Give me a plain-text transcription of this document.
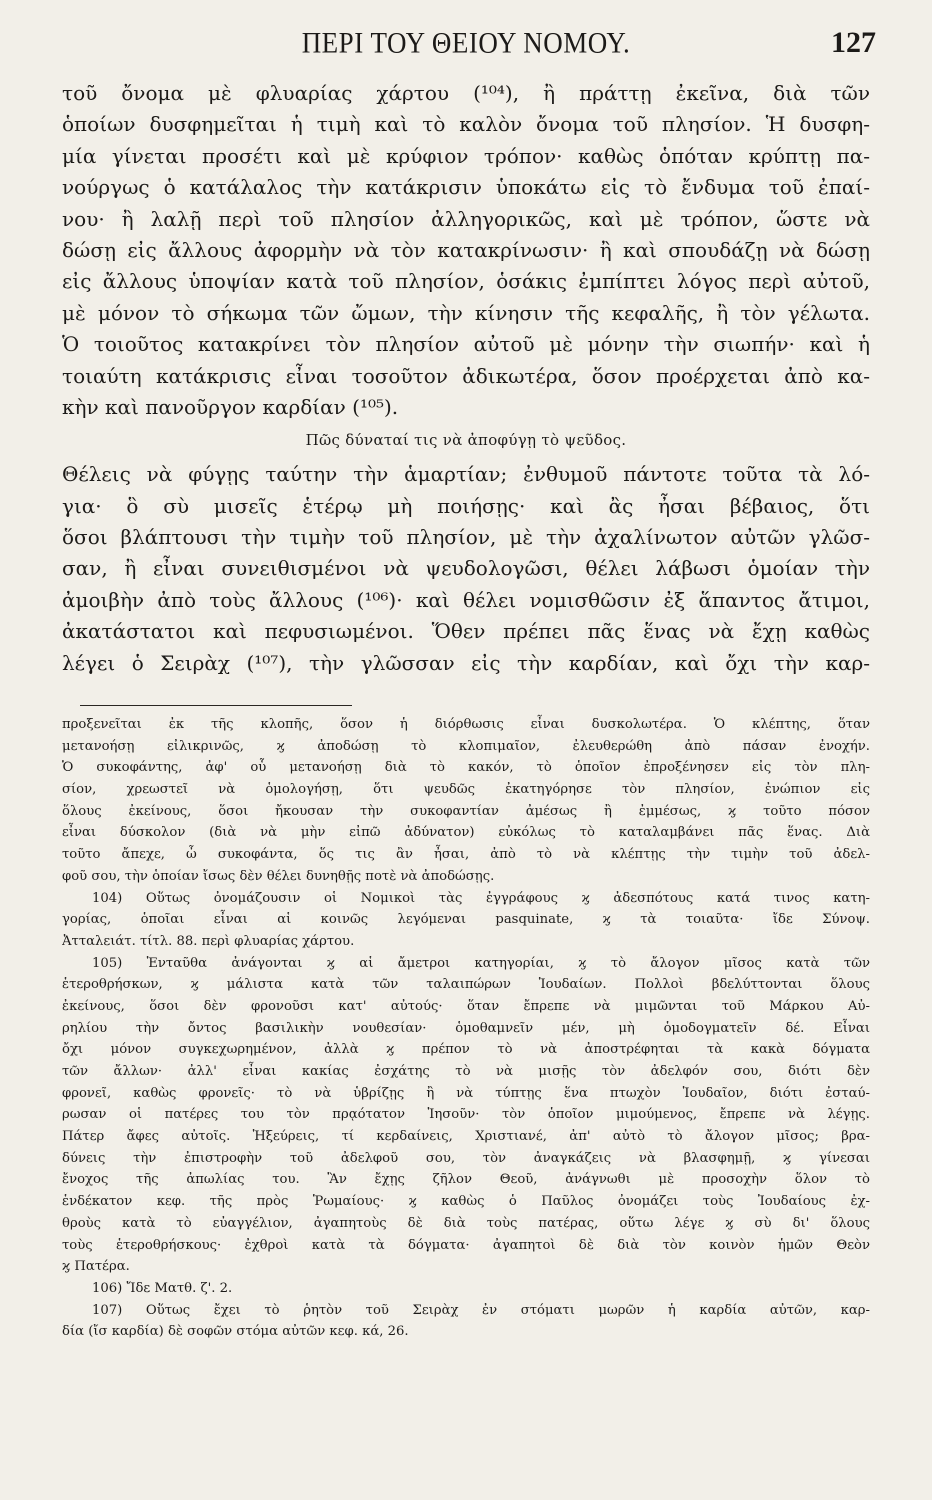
ΠΕΡΙ ΤΟΥ ΘΕΙΟΥ ΝΟΜΟΥ.	127
τοῦ ὄνομα μὲ φλυαρίας χάρτου (¹⁰⁴), ἢ πράττῃ ἐκεῖνα, διὰ τῶν
ὁποίων δυσφημεῖται ἡ τιμὴ καὶ τὸ καλὸν ὄνομα τοῦ πλησίον. Ἡ δυσφη-
μία γίνεται προσέτι καὶ μὲ κρύφιον τρόπον· καθὼς ὁπόταν κρύπτῃ πα-
νούργως ὁ κατάλαλος τὴν κατάκρισιν ὑποκάτω εἰς τὸ ἔνδυμα τοῦ ἐπαί-
νου· ἢ λαλῇ περὶ τοῦ πλησίον ἀλληγορικῶς, καὶ μὲ τρόπον, ὥστε νὰ
δώσῃ εἰς ἄλλους ἀφορμὴν νὰ τὸν κατακρίνωσιν· ἢ καὶ σπουδάζῃ νὰ δώσῃ
εἰς ἄλλους ὑποψίαν κατὰ τοῦ πλησίον, ὁσάκις ἐμπίπτει λόγος περὶ αὐτοῦ,
μὲ μόνον τὸ σήκωμα τῶν ὤμων, τὴν κίνησιν τῆς κεφαλῆς, ἢ τὸν γέλωτα.
Ὁ τοιοῦτος κατακρίνει τὸν πλησίον αὐτοῦ μὲ μόνην τὴν σιωπήν· καὶ ἡ
τοιαύτη κατάκρισις εἶναι τοσοῦτον ἀδικωτέρα, ὅσον προέρχεται ἀπὸ κα-
κὴν καὶ πανοῦργον καρδίαν (¹⁰⁵).
Πῶς δύναταί τις νὰ ἀποφύγῃ τὸ ψεῦδος.
Θέλεις νὰ φύγῃς ταύτην τὴν ἁμαρτίαν; ἐνθυμοῦ πάντοτε τοῦτα τὰ λό-
για· ὃ σὺ μισεῖς ἑτέρῳ μὴ ποιήσῃς· καὶ ἂς ἦσαι βέβαιος, ὅτι
ὅσοι βλάπτουσι τὴν τιμὴν τοῦ πλησίον, μὲ τὴν ἀχαλίνωτον αὐτῶν γλῶσ-
σαν, ἢ εἶναι συνειθισμένοι νὰ ψευδολογῶσι, θέλει λάβωσι ὁμοίαν τὴν
ἀμοιβὴν ἀπὸ τοὺς ἄλλους (¹⁰⁶)· καὶ θέλει νομισθῶσιν ἐξ ἅπαντος ἄτιμοι,
ἀκατάστατοι καὶ πεφυσιωμένοι. Ὅθεν πρέπει πᾶς ἕνας νὰ ἔχῃ καθὼς
λέγει ὁ Σειρὰχ (¹⁰⁷), τὴν γλῶσσαν εἰς τὴν καρδίαν, καὶ ὄχι τὴν καρ-
προξενεῖται ἐκ τῆς κλοπῆς, ὅσον ἡ διόρθωσις εἶναι δυσκολωτέρα. Ὁ κλέπτης, ὅταν
μετανοήσῃ εἰλικρινῶς, ϗ ἀποδώσῃ τὸ κλοπιμαῖον, ἐλευθερώθη ἀπὸ πάσαν ἐνοχήν.
Ὁ συκοφάντης, ἀφ' οὗ μετανοήσῃ διὰ τὸ κακόν, τὸ ὁποῖον ἐπροξένησεν εἰς τὸν πλη-
σίον, χρεωστεῖ νὰ ὁμολογήσῃ, ὅτι ψευδῶς ἐκατηγόρησε τὸν πλησίον, ἐνώπιον εἰς
ὅλους ἐκείνους, ὅσοι ἤκουσαν τὴν συκοφαντίαν ἀμέσως ἢ ἐμμέσως, ϗ τοῦτο πόσον
εἶναι δύσκολον (διὰ νὰ μὴν εἰπῶ ἀδύνατον) εὐκόλως τὸ καταλαμβάνει πᾶς ἕνας. Διὰ
τοῦτο ἄπεχε, ὦ συκοφάντα, ὅς τις ἂν ἦσαι, ἀπὸ τὸ νὰ κλέπτῃς τὴν τιμὴν τοῦ ἀδελ-
φοῦ σου, τὴν ὁποίαν ἴσως δὲν θέλει δυνηθῇς ποτὲ νὰ ἀποδώσῃς.
104) Οὕτως ὀνομάζουσιν οἱ Νομικοὶ τὰς ἐγγράφους ϗ ἀδεσπότους κατά τινος κατη-
γορίας, ὁποῖαι εἶναι αἱ κοινῶς λεγόμεναι pasquinate, ϗ τὰ τοιαῦτα· ἴδε Σύνοψ.
Ἀτταλειάτ. τίτλ. 88. περὶ φλυαρίας χάρτου.
105) Ἐνταῦθα ἀνάγονται ϗ αἱ ἄμετροι κατηγορίαι, ϗ τὸ ἄλογον μῖσος κατὰ τῶν
ἑτεροθρήσκων, ϗ μάλιστα κατὰ τῶν ταλαιπώρων Ἰουδαίων. Πολλοὶ βδελύττονται ὅλους
ἐκείνους, ὅσοι δὲν φρονοῦσι κατ' αὐτούς· ὅταν ἔπρεπε νὰ μιμῶνται τοῦ Μάρκου Αὐ-
ρηλίου τὴν ὄντος βασιλικὴν νουθεσίαν· ὁμοθαμνεῖν μέν, μὴ ὁμοδογματεῖν δέ. Εἶναι
ὄχι μόνον συγκεχωρημένον, ἀλλὰ ϗ πρέπον τὸ νὰ ἀποστρέφηται τὰ κακὰ δόγματα
τῶν ἄλλων· ἀλλ' εἶναι κακίας ἐσχάτης τὸ νὰ μισῇς τὸν ἀδελφόν σου, διότι δὲν
φρονεῖ, καθὼς φρονεῖς· τὸ νὰ ὑβρίζῃς ἢ νὰ τύπτῃς ἕνα πτωχὸν Ἰουδαῖον, διότι ἐσταύ-
ρωσαν οἱ πατέρες του τὸν πρᾳότατον Ἰησοῦν· τὸν ὁποῖον μιμούμενος, ἔπρεπε νὰ λέγῃς.
Πάτερ ἄφες αὐτοῖς. Ἠξεύρεις, τί κερδαίνεις, Χριστιανέ, ἀπ' αὐτὸ τὸ ἄλογον μῖσος; βρα-
δύνεις τὴν ἐπιστροφὴν τοῦ ἀδελφοῦ σου, τὸν ἀναγκάζεις νὰ βλασφημῇ, ϗ γίνεσαι
ἔνοχος τῆς ἀπωλίας του. Ἂν ἔχῃς ζῆλον Θεοῦ, ἀνάγνωθι μὲ προσοχὴν ὅλον τὸ
ἑνδέκατον κεφ. τῆς πρὸς Ῥωμαίους· ϗ καθὼς ὁ Παῦλος ὀνομάζει τοὺς Ἰουδαίους ἐχ-
θροὺς κατὰ τὸ εὐαγγέλιον, ἀγαπητοὺς δὲ διὰ τοὺς πατέρας, οὕτω λέγε ϗ σὺ δι' ὅλους
τοὺς ἑτεροθρήσκους· ἐχθροὶ κατὰ τὰ δόγματα· ἀγαπητοὶ δὲ διὰ τὸν κοινὸν ἡμῶν Θεὸν
ϗ Πατέρα.
106) Ἴδε Ματθ. ζ'. 2.
107) Οὕτως ἔχει τὸ ῥητὸν τοῦ Σειρὰχ ἐν στόματι μωρῶν ἡ καρδία αὐτῶν, καρ-
δία (ἴσ καρδία) δὲ σοφῶν στόμα αὐτῶν κεφ. κά, 26.
